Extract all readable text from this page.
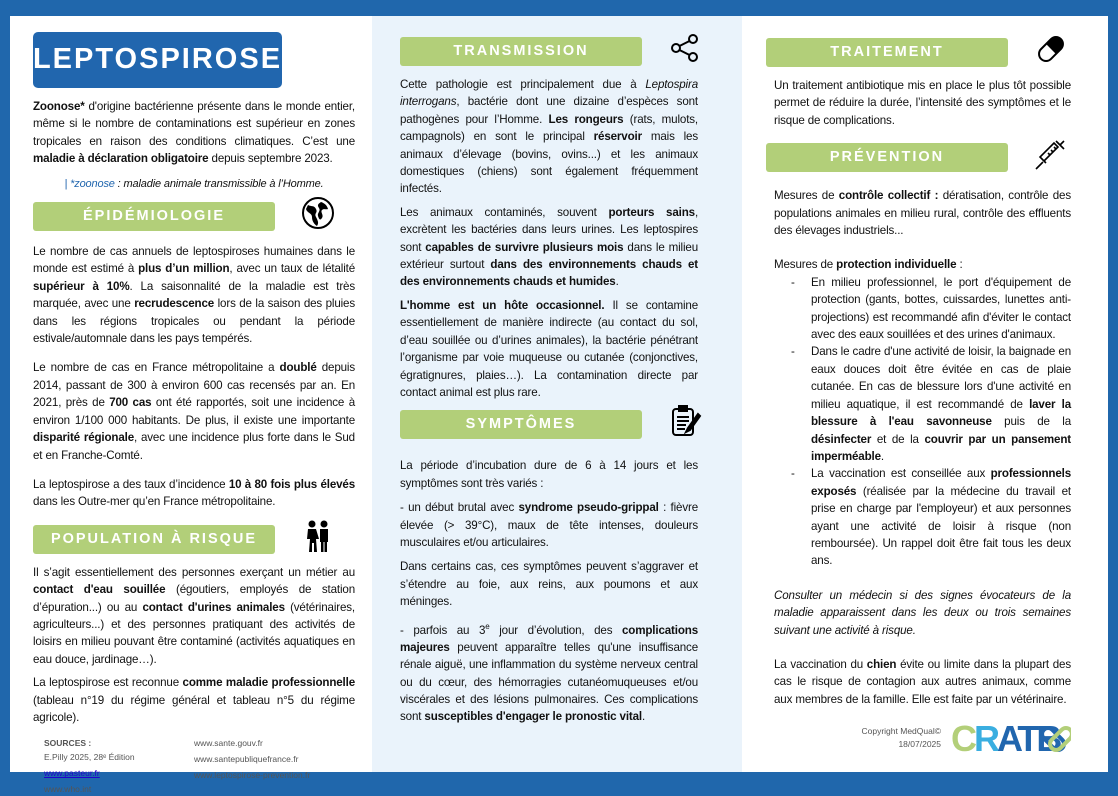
LEPTOSPIROSE

Zoonose* d'origine bactérienne présente dans le monde entier, même si le nombre de contaminations est supérieur en zones tropicales en raison des conditions climatiques. C’est une maladie à déclaration obligatoire depuis septembre 2023.

| *zoonose : maladie animale transmissible à l’Homme.
ÉPIDÉMIOLOGIE

Le nombre de cas annuels de leptospiroses humaines dans le monde est estimé à plus d’un million, avec un taux de létalité supérieur à 10%. La saisonnalité de la maladie est très marquée, avec une recrudescence lors de la saison des pluies dans les régions tropicales ou pendant la période estivale/automnale dans les pays tempérés.

Le nombre de cas en France métropolitaine a doublé depuis 2014, passant de 300 à environ 600 cas recensés par an. En 2021, près de 700 cas ont été rapportés, soit une incidence à environ 1/100 000 habitants. De plus, il existe une importante disparité régionale, avec une incidence plus forte dans le Sud et en Franche-Comté.

La leptospirose a des taux d’incidence 10 à 80 fois plus élevés dans les Outre-mer qu’en France métropolitaine.

POPULATION À RISQUE

Il s’agit essentiellement des personnes exerçant un métier au contact d'eau souillée (égoutiers, employés de station d’épuration...) ou au contact d'urines animales (vétérinaires, agriculteurs...) et des personnes pratiquant des activités de loisirs en milieu pouvant être contaminé (activités aquatiques en eau douce, jardinage…).

La leptospirose est reconnue comme maladie professionnelle (tableau n°19 du régime général et tableau n°5 du régime agricole).

SOURCES :
E.Pilly 2025, 28ᵉ Édition
www.pasteur.fr
www.who.int
www.sante.gouv.fr
www.santepubliquefrance.fr
www.leptospirose-prevention.fr
TRANSMISSION

Cette pathologie est principalement due à Leptospira interrogans, bactérie dont une dizaine d’espèces sont pathogènes pour l’Homme. Les rongeurs (rats, mulots, campagnols) en sont le principal réservoir mais les animaux d’élevage (bovins, ovins...) et les animaux domestiques (chiens) sont également fréquemment infectés.

Les animaux contaminés, souvent porteurs sains, excrètent les bactéries dans leurs urines. Les leptospires sont capables de survivre plusieurs mois dans le milieu extérieur surtout dans des environnements chauds et des environnements chauds et humides.

L'homme est un hôte occasionnel. Il se contamine essentiellement de manière indirecte (au contact du sol, d’eau souillée ou d’urines animales), la bactérie pénétrant l’organisme par voie muqueuse ou cutanée (conjonctives, égratignures, plaies…). La contamination directe par contact animal est plus rare.

SYMPTÔMES

La période d’incubation dure de 6 à 14 jours et les symptômes sont très variés :

- un début brutal avec syndrome pseudo-grippal : fièvre élevée (> 39°C), maux de tête intenses, douleurs musculaires et/ou articulaires.

Dans certains cas, ces symptômes peuvent s’aggraver et s’étendre au foie, aux reins, aux poumons et aux méninges.

- parfois au 3e jour d’évolution, des complications majeures peuvent apparaître telles qu'une insuffisance rénale aiguë, une inflammation du système nerveux central ou du cœur, des hémorragies cutanéomuqueuses et/ou viscérales et des lésions pulmonaires. Ces complications sont susceptibles d'engager le pronostic vital.

TRAITEMENT

Un traitement antibiotique mis en place le plus tôt possible permet de réduire la durée, l’intensité des symptômes et le risque de complications.

PRÉVENTION

Mesures de contrôle collectif : dératisation, contrôle des populations animales en milieu rural, contrôle des effluents des élevages industriels...

Mesures de protection individuelle :

- En milieu professionnel, le port d'équipement de protection (gants, bottes, cuissardes, lunettes anti-projections) est recommandé afin d'éviter le contact avec des eaux souillées et des urines d'animaux.
- Dans le cadre d'une activité de loisir, la baignade en eaux douces doit être évitée en cas de plaie cutanée. En cas de blessure lors d'une activité en milieu aquatique, il est recommandé de laver la blessure à l'eau savonneuse puis de la désinfecter et de la couvrir par un pansement imperméable.
- La vaccination est conseillée aux professionnels exposés (réalisée par la médecine du travail et prise en charge par l'employeur) et aux personnes ayant une activité de loisir à risque (non remboursée). Un rappel doit être fait tous les deux ans.

Consulter un médecin si des signes évocateurs de la maladie apparaissent dans les deux ou trois semaines suivant une activité à risque.

La vaccination du chien évite ou limite dans la plupart des cas le risque de contagion aux autres animaux, comme aux membres de la famille. Elle est faite par un vétérinaire.

Copyright MedQual©
18/07/2025 CRATB
